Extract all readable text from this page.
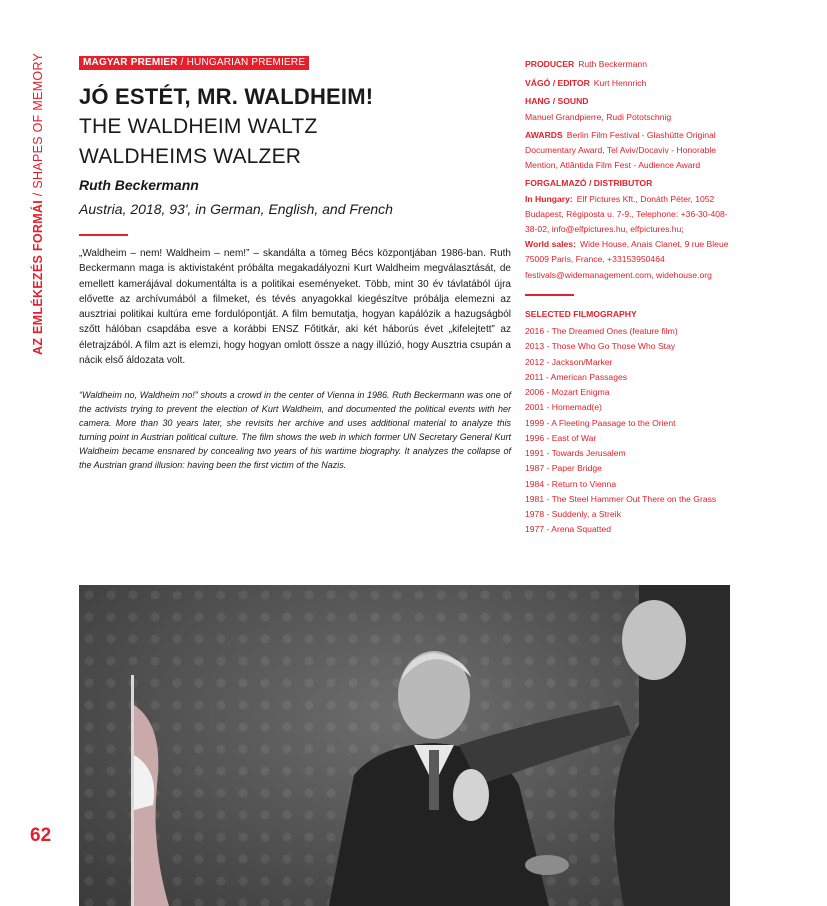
AZ EMLÉKEZÉS FORMÁI / SHAPES OF MEMORY
62
MAGYAR PREMIER / HUNGARIAN PREMIERE
JÓ ESTÉT, MR. WALDHEIM!
THE WALDHEIM WALTZ
WALDHEIMS WALZER
Ruth Beckermann
Austria, 2018, 93', in German, English, and French
„Waldheim – nem! Waldheim – nem!” – skandálta a tömeg Bécs központjában 1986-ban. Ruth Beckermann maga is aktivistaként próbálta megakadályozni Kurt Waldheim megválasztását, de emellett kamerájával dokumentálta is a politikai eseményeket. Több, mint 30 év távlatából újra elővette az archívumából a filmeket, és tévés anyagokkal kiegészítve próbálja elemezni az ausztriai politikai kultúra eme fordulópontját. A film bemutatja, hogyan kapálózik a hazugságból szőtt hálóban csapdába esve a korábbi ENSZ Főtitkár, aki két háborús évet „kifelejtett” az életrajzából. A film azt is elemzi, hogy hogyan omlott össze a nagy illúzió, hogy Ausztria csupán a nácik első áldozata volt.
“Waldheim no, Waldheim no!” shouts a crowd in the center of Vienna in 1986. Ruth Beckermann was one of the activists trying to prevent the election of Kurt Waldheim, and documented the political events with her camera. More than 30 years later, she revisits her archive and uses additional material to analyze this turning point in Austrian political culture. The film shows the web in which former UN Secretary General Kurt Waldheim became ensnared by concealing two years of his wartime biography. It analyzes the collapse of the Austrian grand illusion: having been the first victim of the Nazis.
PRODUCER Ruth Beckermann
VÁGÓ / EDITOR Kurt Hennrich
HANG / SOUND
Manuel Grandpierre, Rudi Pototschnig
AWARDS Berlin Film Festival - Glashütte Original Documentary Award, Tel Aviv/Docaviv - Honorable Mention, Atlântida Film Fest - Audience Award
FORGALMAZÓ / DISTRIBUTOR
In Hungary: Elf Pictures Kft., Donáth Péter, 1052 Budapest, Régiposta u. 7-9., Telephone: +36-30-408-38-02, info@elfpictures.hu, elfpictures.hu;
World sales: Wide House, Anais Clanet, 9 rue Bleue 75009 Paris, France, +33153950464 festivals@widemanagement.com, widehouse.org
SELECTED FILMOGRAPHY
2016 - The Dreamed Ones (feature film)
2013 - Those Who Go Those Who Stay
2012 - Jackson/Marker
2011 - American Passages
2006 - Mozart Enigma
2001 - Homemad(e)
1999 - A Fleeting Paasage to the Orient
1996 - East of War
1991 - Towards Jerusalem
1987 - Paper Bridge
1984 - Return to Vienna
1981 - The Steel Hammer Out There on the Grass
1978 - Suddenly, a Streik
1977 - Arena Squatted
